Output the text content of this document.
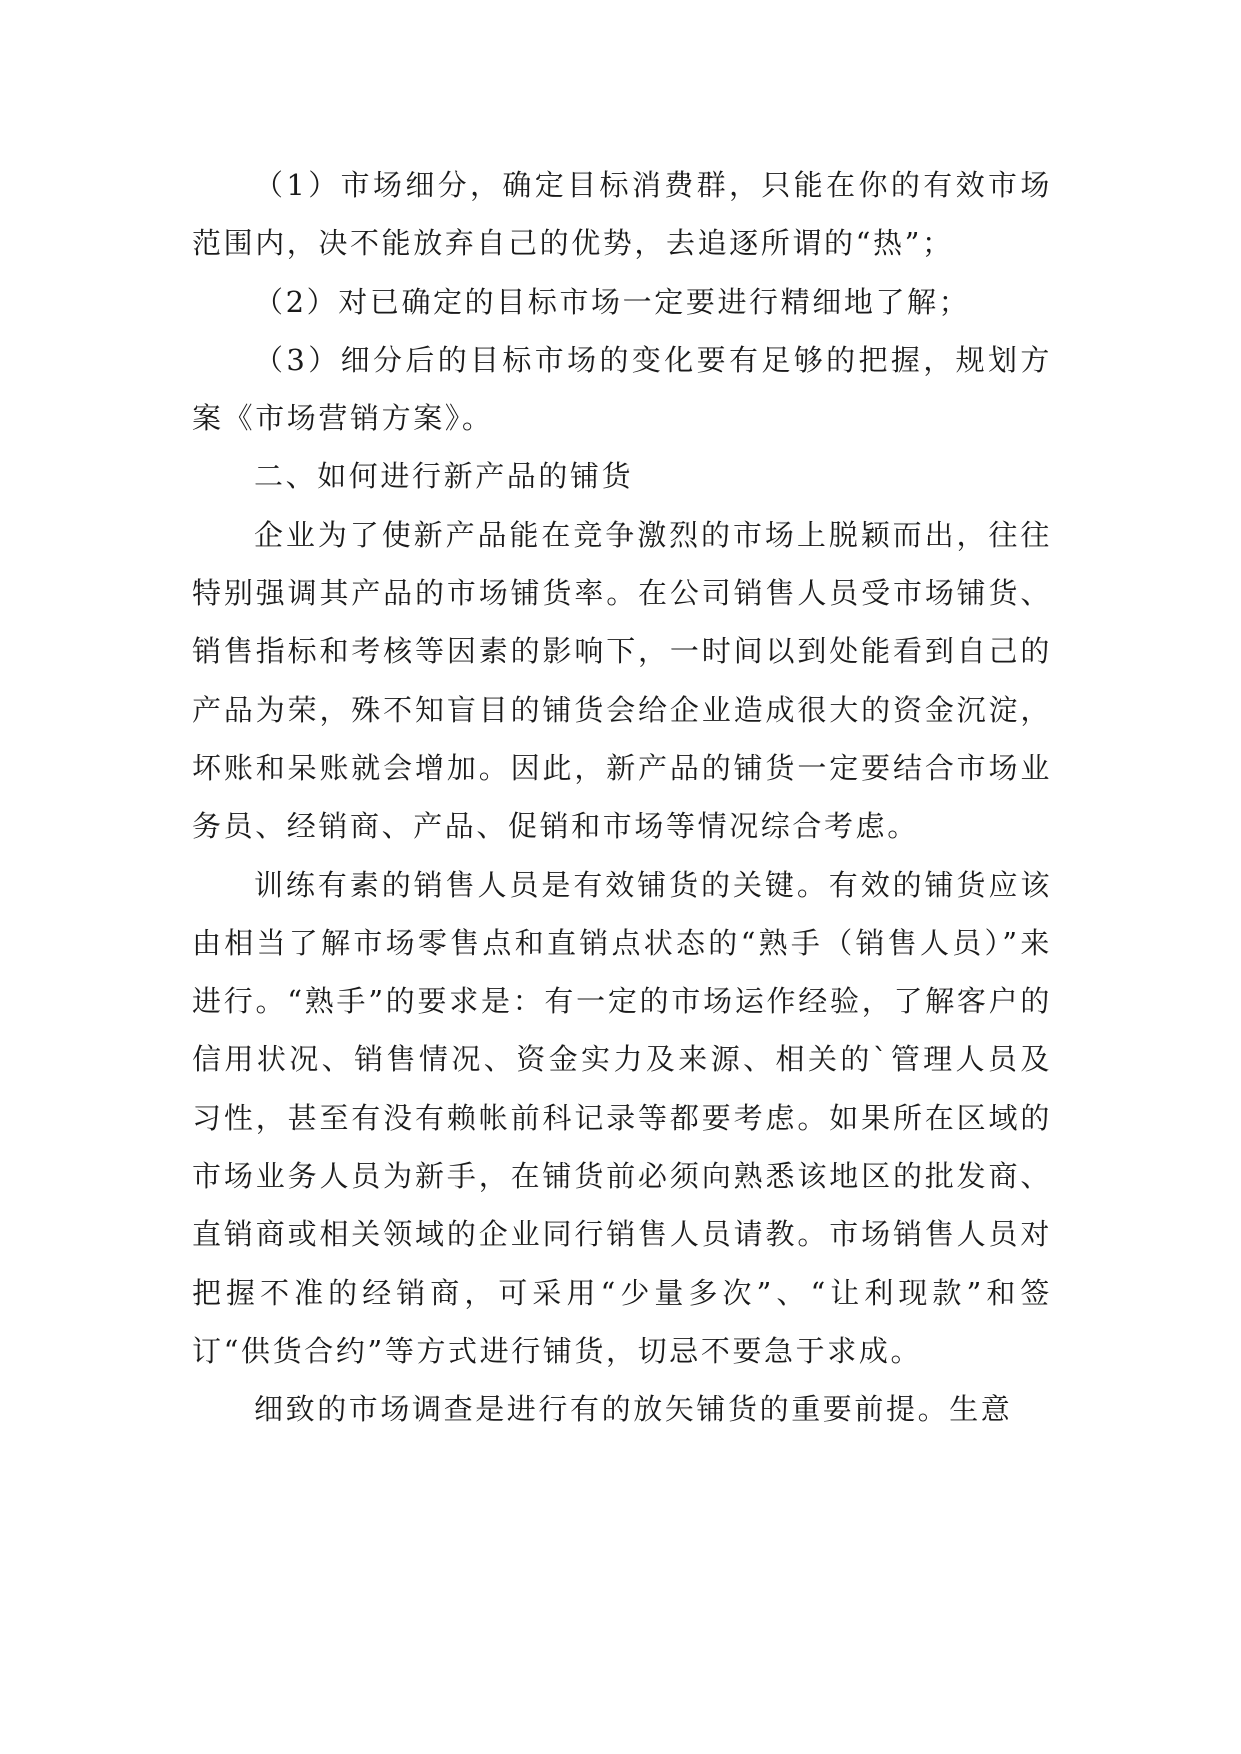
（1）市场细分，确定目标消费群，只能在你的有效市场范围内，决不能放弃自己的优势，去追逐所谓的“热”；

（2）对已确定的目标市场一定要进行精细地了解；

（3）细分后的目标市场的变化要有足够的把握，规划方案《市场营销方案》。

二、如何进行新产品的铺货

企业为了使新产品能在竞争激烈的市场上脱颖而出，往往特别强调其产品的市场铺货率。在公司销售人员受市场铺货、销售指标和考核等因素的影响下，一时间以到处能看到自己的产品为荣，殊不知盲目的铺货会给企业造成很大的资金沉淀，坏账和呆账就会增加。因此，新产品的铺货一定要结合市场业务员、经销商、产品、促销和市场等情况综合考虑。

训练有素的销售人员是有效铺货的关键。有效的铺货应该由相当了解市场零售点和直销点状态的“熟手（销售人员）”来进行。“熟手”的要求是：有一定的市场运作经验，了解客户的信用状况、销售情况、资金实力及来源、相关的`管理人员及习性，甚至有没有赖帐前科记录等都要考虑。如果所在区域的市场业务人员为新手，在铺货前必须向熟悉该地区的批发商、直销商或相关领域的企业同行销售人员请教。市场销售人员对把握不准的经销商，可采用“少量多次”、“让利现款”和签订“供货合约”等方式进行铺货，切忌不要急于求成。

细致的市场调查是进行有的放矢铺货的重要前提。生意
